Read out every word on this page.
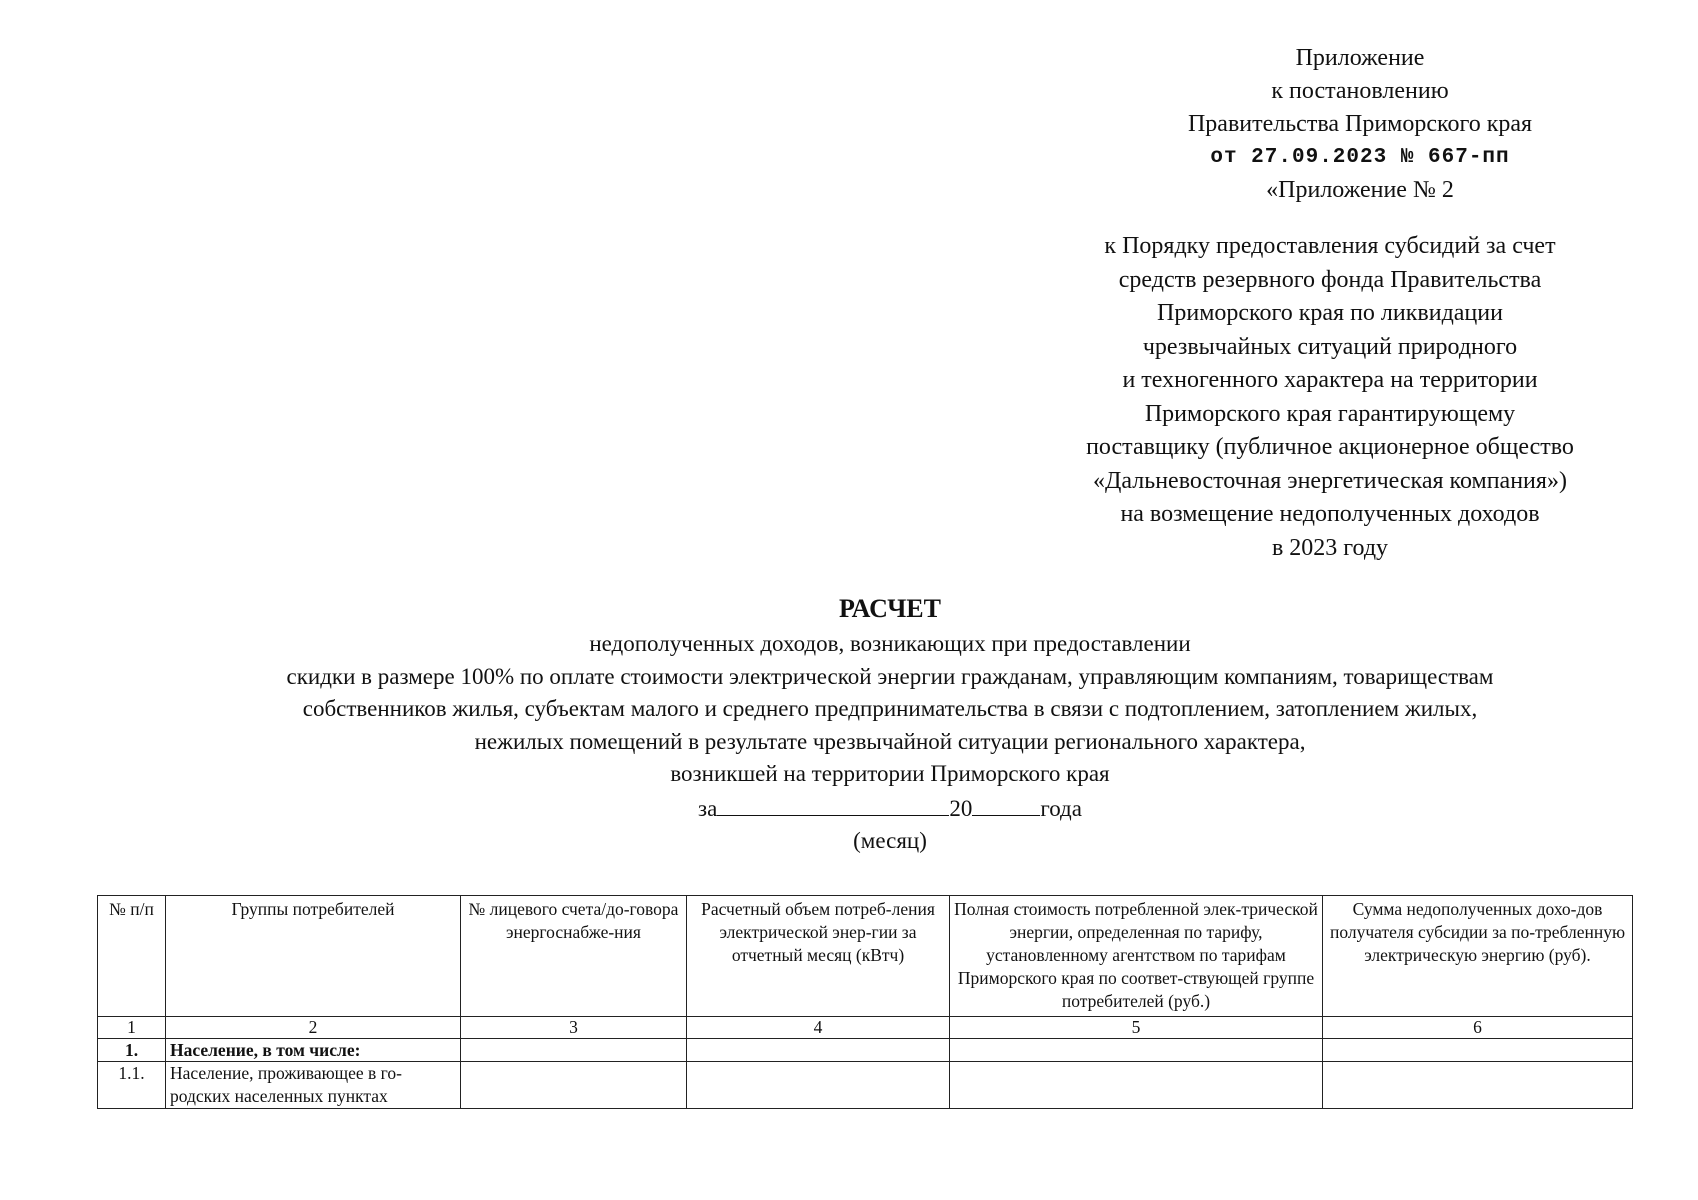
Приложение
к постановлению
Правительства Приморского края
от 27.09.2023 № 667-пп
«Приложение № 2
к Порядку предоставления субсидий за счет
средств резервного фонда Правительства
Приморского края по ликвидации
чрезвычайных ситуаций природного
и техногенного характера на территории
Приморского края гарантирующему
поставщику (публичное акционерное общество
«Дальневосточная энергетическая компания»)
на возмещение недополученных доходов
в 2023 году
РАСЧЕТ
недополученных доходов, возникающих при предоставлении
скидки в размере 100% по оплате стоимости электрической энергии гражданам, управляющим компаниям, товариществам
собственников жилья, субъектам малого и среднего предпринимательства в связи с подтоплением, затоплением жилых,
нежилых помещений в результате чрезвычайной ситуации регионального характера,
возникшей на территории Приморского края
за	20	года
(месяц)
№ п/п	Группы потребителей	№ лицевого счета/до-говора энергоснабже-ния	Расчетный объем потреб-ления электрической энер-гии за отчетный месяц (кВтч)	Полная стоимость потребленной элек-трической энергии, определенная по тарифу, установленному агентством по тарифам Приморского края по соответ-ствующей группе потребителей (руб.)	Сумма недополученных дохо-дов получателя субсидии за по-требленную электрическую энергию (руб).
1	2	3	4	5	6
1.	Население, в том числе:				
1.1.	Население, проживающее в го-родских населенных пунктах				
